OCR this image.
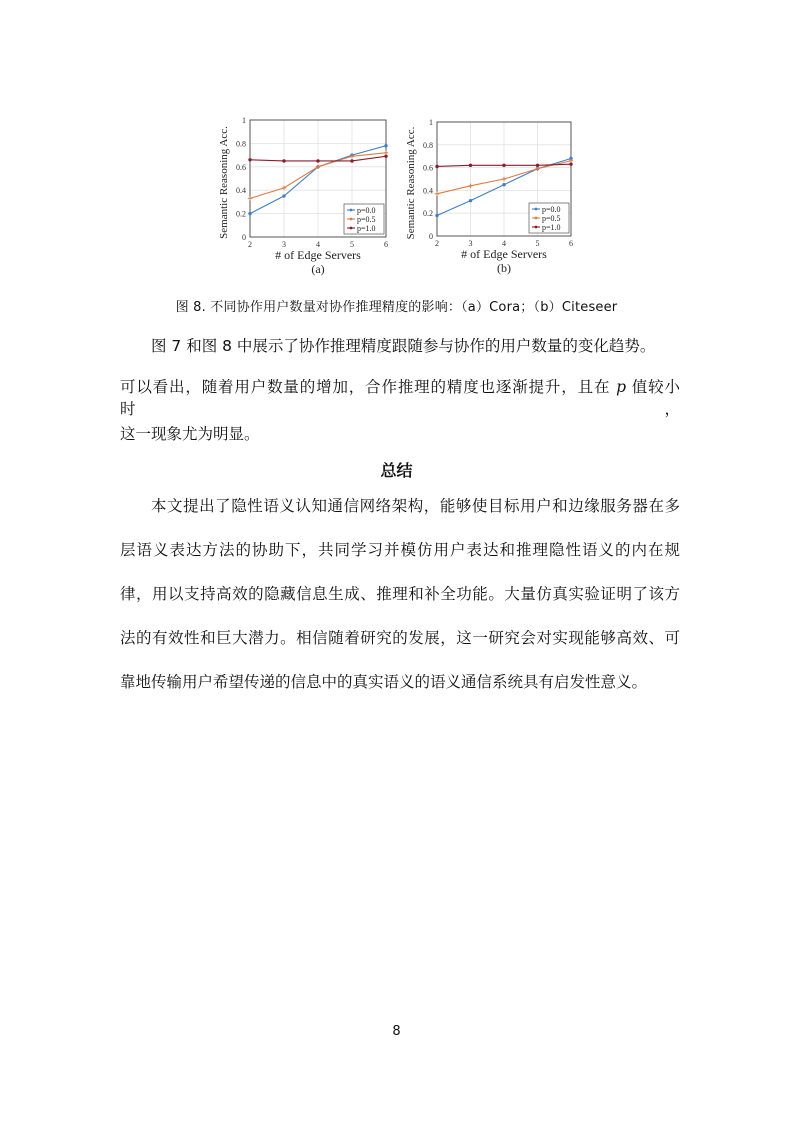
2	3	4	5	6
0
0.2
0.4
0.6
0.8
1
# of Edge Servers
Semantic Reasoning Acc.
(a)
p=0.0
p=0.5
p=1.0
2	3	4	5	6
0
0.2
0.4
0.6
0.8
1
# of Edge Servers
Semantic Reasoning Acc.
(b)
p=0.0
p=0.5
p=1.0
图 8. 不同协作用户数量对协作推理精度的影响：（a）Cora；（b）Citeseer
图 7 和图 8 中展示了协作推理精度跟随参与协作的用户数量的变化趋势。
可以看出，随着用户数量的增加，合作推理的精度也逐渐提升，且在 p 值较小时，
这一现象尤为明显。
总结
本文提出了隐性语义认知通信网络架构，能够使目标用户和边缘服务器在多
层语义表达方法的协助下，共同学习并模仿用户表达和推理隐性语义的内在规
律，用以支持高效的隐藏信息生成、推理和补全功能。大量仿真实验证明了该方
法的有效性和巨大潜力。相信随着研究的发展，这一研究会对实现能够高效、可
靠地传输用户希望传递的信息中的真实语义的语义通信系统具有启发性意义。
8
